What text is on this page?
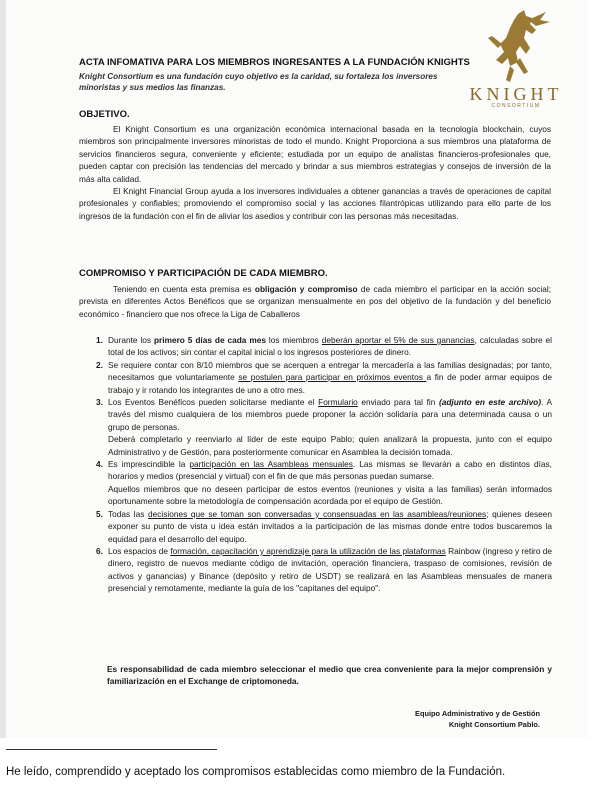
KNIGHT
CONSORTIUM
ACTA INFOMATIVA PARA LOS MIEMBROS INGRESANTES A LA FUNDACIÓN KNIGHTS
Knight Consortium es una fundación cuyo objetivo es la caridad, su fortaleza los inversores minoristas y sus medios las finanzas.
OBJETIVO.

El Knight Consortium es una organización económica internacional basada en la tecnología blockchain, cuyos miembros son principalmente inversores minoristas de todo el mundo. Knight Proporciona a sus miembros una plataforma de servicios financieros segura, conveniente y eficiente; estudiada por un equipo de analistas financieros-profesionales que, pueden captar con precisión las tendencias del mercado y brindar a sus miembros estrategias y consejos de inversión de la más alta calidad.

El Knight Financial Group ayuda a los inversores individuales a obtener ganancias a través de operaciones de capital profesionales y confiables; promoviendo el compromiso social y las acciones filantrópicas utilizando para ello parte de los ingresos de la fundación con el fin de aliviar los asedios y contribuir con las personas más necesitadas.

COMPROMISO Y PARTICIPACIÓN DE CADA MIEMBRO.

Teniendo en cuenta esta premisa es obligación y compromiso de cada miembro el participar en la acción social; prevista en diferentes Actos Benéficos que se organizan mensualmente en pos del objetivo de la fundación y del beneficio económico - financiero que nos ofrece la Liga de Caballeros

1. Durante los primero 5 días de cada mes los miembros deberán aportar el 5% de sus ganancias, calculadas sobre el total de los activos; sin contar el capital inicial o los ingresos posteriores de dinero.
2. Se requiere contar con 8/10 miembros que se acerquen a entregar la mercadería a las familias designadas; por tanto, necesitamos que voluntariamente se postulen para participar en próximos eventos a fin de poder armar equipos de trabajo y ir rotando los integrantes de uno a otro mes.
3. Los Eventos Benéficos pueden solicitarse mediante el Formulario enviado para tal fin (adjunto en este archivo). A través del mismo cualquiera de los miembros puede proponer la acción solidaria para una determinada causa o un grupo de personas.
Deberá completarlo y reenviarlo al líder de este equipo Pablo; quien analizará la propuesta, junto con el equipo Administrativo y de Gestión, para posteriormente comunicar en Asamblea la decisión tomada.
4. Es imprescindible la participación en las Asambleas mensuales. Las mismas se llevarán a cabo en distintos días, horarios y medios (presencial y virtual) con el fin de que más personas puedan sumarse.
Aquellos miembros que no deseen participar de estos eventos (reuniones y visita a las familias) serán informados oportunamente sobre la metodología de compensación acordada por el equipo de Gestión.
5. Todas las decisiones que se toman son conversadas y consensuadas en las asambleas/reuniones; quienes deseen exponer su punto de vista u idea están invitados a la participación de las mismas donde entre todos buscaremos la equidad para el desarrollo del equipo.
6. Los espacios de formación, capacitación y aprendizaje para la utilización de las plataformas Rainbow (ingreso y retiro de dinero, registro de nuevos mediante código de invitación, operación financiera, traspaso de comisiones, revisión de activos y ganancias) y Binance (depósito y retiro de USDT) se realizará en las Asambleas mensuales de manera presencial y remotamente, mediante la guía de los "capitanes del equipo".
Es responsabilidad de cada miembro seleccionar el medio que crea conveniente para la mejor comprensión y familiarización en el Exchange de criptomoneda.
Equipo Administrativo y de Gestión
Knight Consortium Pablo.
He leído, comprendido y aceptado los compromisos establecidas como miembro de la Fundación.
